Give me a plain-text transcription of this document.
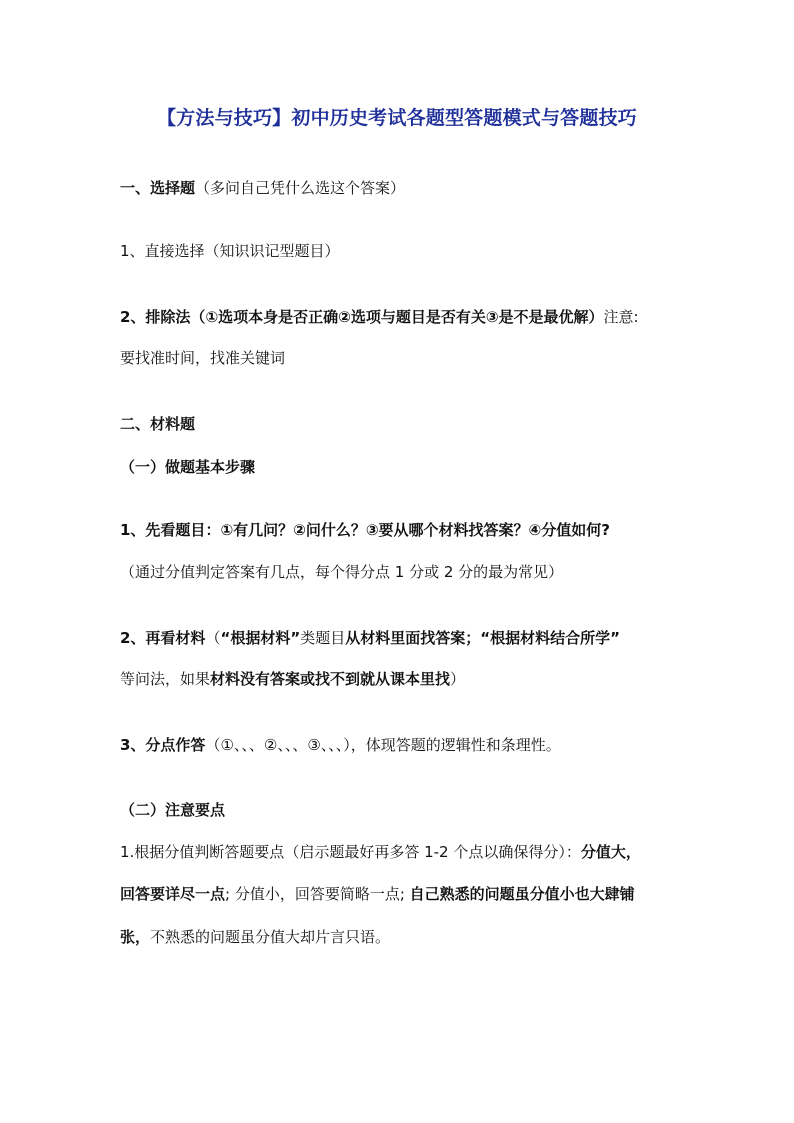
【方法与技巧】初中历史考试各题型答题模式与答题技巧
一、选择题（多问自己凭什么选这个答案）
1、直接选择（知识识记型题目）
2、排除法（①选项本身是否正确②选项与题目是否有关③是不是最优解）注意:
要找准时间，找准关键词
二、材料题
（一）做题基本步骤
1、先看题目：①有几问？②问什么？③要从哪个材料找答案？④分值如何?
（通过分值判定答案有几点，每个得分点 1 分或 2 分的最为常见）
2、再看材料（“根据材料”类题目从材料里面找答案；“根据材料结合所学”
等问法，如果材料没有答案或找不到就从课本里找）
3、分点作答（①、、、②、、、③、、、），体现答题的逻辑性和条理性。
（二）注意要点
1.根据分值判断答题要点（启示题最好再多答 1-2 个点以确保得分）：分值大，
回答要详尽一点; 分值小，回答要简略一点; 自己熟悉的问题虽分值小也大肆铺
张，不熟悉的问题虽分值大却片言只语。
